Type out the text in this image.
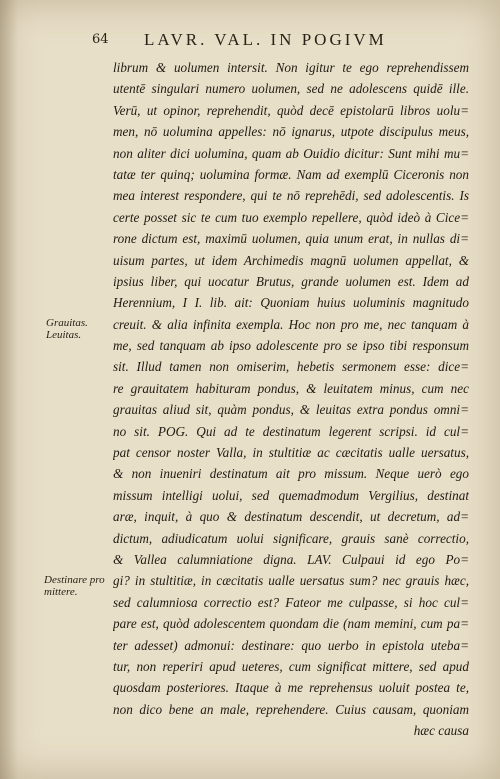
64 LAVR. VAL. IN POGIVM
Grauitas.
Leuitas.
Destinare pro
mittere.
librum & uolumen intersit. Non igitur te ego reprehendissem
utentē singulari numero uolumen, sed ne adolescens quidē ille.
Verū, ut opinor, reprehendit, quòd decē epistolarū libros uolu=
men, nō uolumina appelles: nō ignarus, utpote discipulus meus,
non aliter dici uolumina, quam ab Ouidio dicitur: Sunt mihi mu=
tatæ ter quinq; uolumina formæ. Nam ad exemplū Ciceronis non
mea interest respondere, qui te nō reprehēdi, sed adolescentis. Is
certe posset sic te cum tuo exemplo repellere, quòd ideò à Cice=
rone dictum est, maximū uolumen, quia unum erat, in nullas di=
uisum partes, ut idem Archimedis magnū uolumen appellat, &
ipsius liber, qui uocatur Brutus, grande uolumen est. Idem ad
Herennium, I I. lib. ait: Quoniam huius uoluminis magnitudo
creuit. & alia infinita exempla. Hoc non pro me, nec tanquam à
me, sed tanquam ab ipso adolescente pro se ipso tibi responsum
sit. Illud tamen non omiserim, hebetis sermonem esse: dice=
re grauitatem habituram pondus, & leuitatem minus, cum nec
grauitas aliud sit, quàm pondus, & leuitas extra pondus omni=
no sit. POG. Qui ad te destinatum legerent scripsi. id cul=
pat censor noster Valla, in stultitiæ ac cæcitatis ualle uersatus,
& non inueniri destinatum ait pro missum. Neque uerò ego
missum intelligi uolui, sed quemadmodum Vergilius, destinat
aræ, inquit, à quo & destinatum descendit, ut decretum, ad=
dictum, adiudicatum uolui significare, grauis sanè correctio,
& Vallea calumniatione digna. LAV. Culpaui id ego Po=
gi? in stultitiæ, in cæcitatis ualle uersatus sum? nec grauis hæc,
sed calumniosa correctio est? Fateor me culpasse, si hoc cul=
pare est, quòd adolescentem quondam die (nam memini, cum pa=
ter adesset) admonui: destinare: quo uerbo in epistola uteba=
tur, non reperiri apud ueteres, cum significat mittere, sed apud
quosdam posteriores. Itaque à me reprehensus uoluit postea te,
non dico bene an male, reprehendere. Cuius causam, quoniam
hæc causa
